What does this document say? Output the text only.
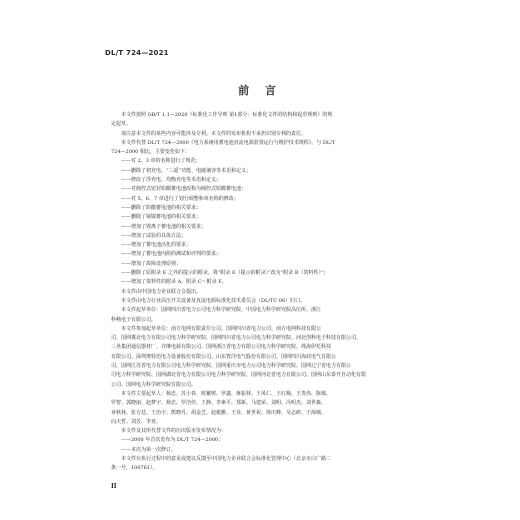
DL/T 724—2021
前 言

本文件按照 GB/T 1.1—2020《标准化工作导则 第1部分：标准化文件的结构和起草规则》的规

定起草。

请注意本文件的某些内容可能涉及专利。本文件的发布机构不承担识别专利的责任。

本文件代替 DL/T 724—2000《电力系统用蓄电池直流电源装置运行与维护技术规程》。与 DL/T

724—2000 相比，主要变化如下：

——对 2、3 章的名称进行了规范；

——删除了初充电、“三遥”功能、电磁兼容等术语和定义；

——修改了浮充电、均衡充电等术语和定义；

——对阀控式密封铅酸蓄电池改称为阀控式铅酸蓄电池；

——对 5、6、7 章进行了划分调整和章名称的修改；

——删除了防酸蓄电池的相关要求；

——删除了镉镍蓄电池的相关要求；

——增加了锂离子蓄电池的相关要求；

——增加了试验的具体方法；

——增加了蓄电池活化的要求；

——增加了蓄电池内阻的测试和评判的要求；

——增加了故障处理原则；

——删除了原附录 E 之外的提示的附录，将“附录 E（提示的附录）”改为“附录 B（资料性）”；

——增加了资料性的附录 A、附录 C～附录 F。

本文件由中国电力企业联合会提出。

本文件由电力行业高压开关设备及直流电源标准化技术委员会（DL/TC 06）归口。

本文件起草单位：国网四川省电力公司电力科学研究院、中国电力科学研究院高压所、浙江

科畅电子有限公司。

本文件参加起草单位：南方电网有限责任公司、国网四川省电力公司、南方电网科技有限公

司、国网冀北电力有限公司电力科学研究院、国网四川省电力公司电力科学研究院、河北创科电子科技有限公司、

三垦集团通信器材厂、许继电源有限公司、国网浙江省电力有限公司电力科学研究院、珠海伊托科技

有限公司、深圳奥特迅电力设备股份有限公司、山东智洋电气股份有限公司、国网四川海底电气有限公

司、国网江苏省电力有限公司电力科学研究院、国网重庆市电力公司电力科学研究院、国网辽宁省电力有限公

司电力科学研究院、国网湖北省电力有限公司电力科学研究院、国网河北省电力有限公司、国网山东泰开自动化有限

公司、国网电力科学研究院有限公司。

本文件主要起草人：杨忠、苏小春、班繁树、罗鑫、蒋振林、王凤仁、王红梅、王贵伟、陈城、

罗智、郭晓丽、赵梦宇、杨忠、罗洽佳、王静、李素平、郑新、马建荣、刘明、冯明杰、刘世森、

章秋林、张方廷、王治宇、熊晓丹、胡金芝、赵俊雅、王业、黄世祝、徐庆峰、吴志研、于海城、

向天哲、刘芳、李亚。

本文件及其所代替文件的历次版本发布情况为：

——2000 年首次发布为 DL/T 724—2000；

——本次为第一次修订。

本文件在执行过程中的意见或建议反馈至中国电力企业联合会标准化管理中心（北京市白广路二

条一号，100761）。

II
